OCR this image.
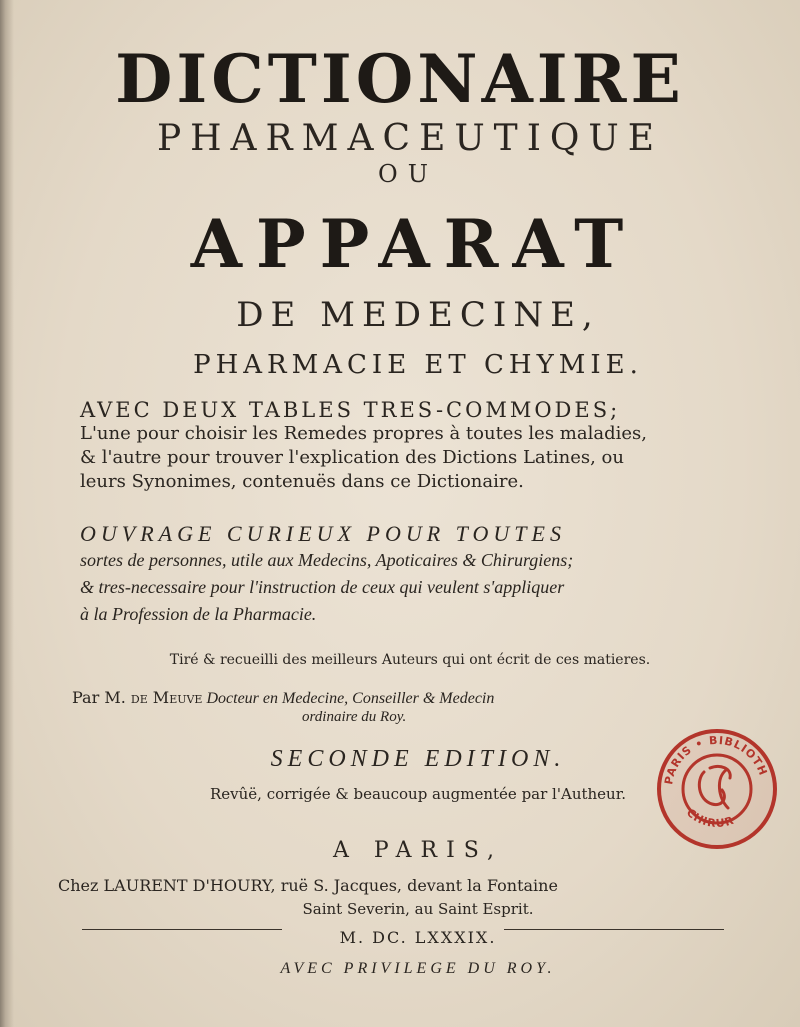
DICTIONAIRE
PHARMACEUTIQUE
OU
APPARAT
DE MEDECINE,
PHARMACIE ET CHYMIE.
AVEC DEUX TABLES TRES-COMMODES;
L'une pour choisir les Remedes propres à toutes les maladies,
& l'autre pour trouver l'explication des Dictions Latines, ou
leurs Synonimes, contenuës dans ce Dictionaire.
OUVRAGE CURIEUX POUR TOUTES
sortes de personnes, utile aux Medecins, Apoticaires & Chirurgiens;
& tres-necessaire pour l'instruction de ceux qui veulent s'appliquer
à la Profession de la Pharmacie.
Tiré & recueilli des meilleurs Auteurs qui ont écrit de ces matieres.
Par M. de Meuve Docteur en Medecine, Conseiller & Medecin
ordinaire du Roy.
SECONDE EDITION.
Revûë, corrigée & beaucoup augmentée par l'Autheur.
A PARIS,
Chez LAURENT D'HOURY, ruë S. Jacques, devant la Fontaine
Saint Severin, au Saint Esprit.
M. DC. LXXXIX.
AVEC PRIVILEGE DU ROY.
PARIS • BIBLIOTH
CHIRUR
